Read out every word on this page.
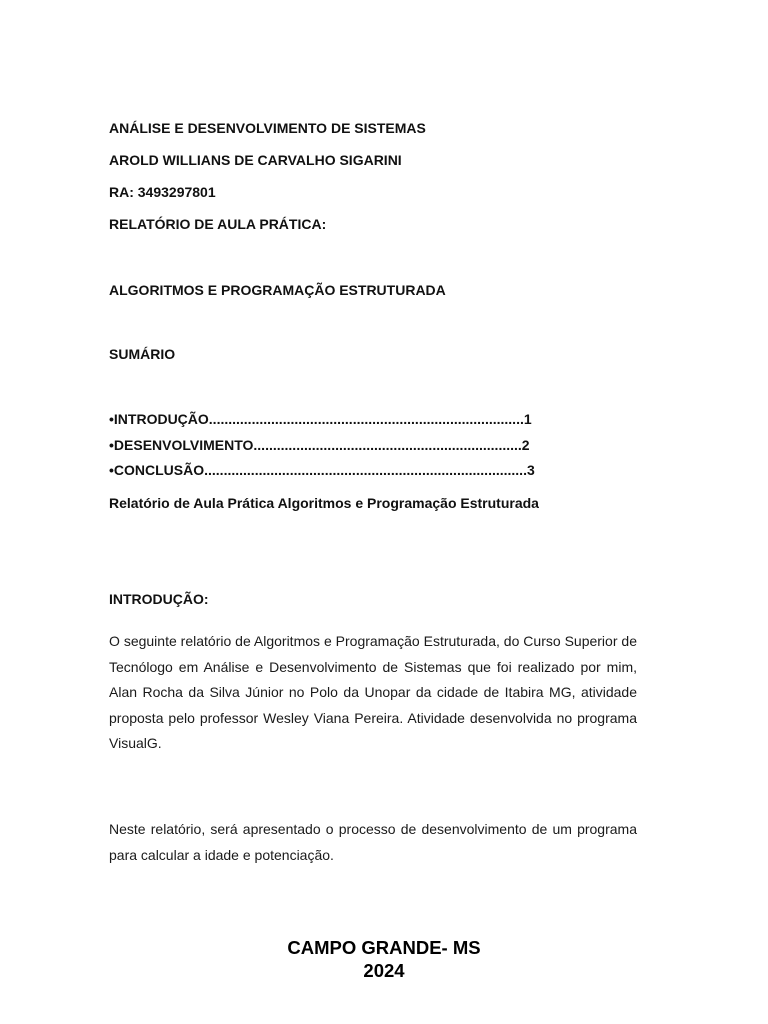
ANÁLISE E DESENVOLVIMENTO DE SISTEMAS

AROLD WILLIANS DE CARVALHO SIGARINI

RA: 3493297801

RELATÓRIO DE AULA PRÁTICA:

ALGORITMOS E PROGRAMAÇÃO ESTRUTURADA

SUMÁRIO

•INTRODUÇÃO.................................................................................1

•DESENVOLVIMENTO.....................................................................2

•CONCLUSÃO...................................................................................3

Relatório de Aula Prática Algoritmos e Programação Estruturada

INTRODUÇÃO:

O seguinte relatório de Algoritmos e Programação Estruturada, do Curso Superior de Tecnólogo em Análise e Desenvolvimento de Sistemas que foi realizado por mim, Alan Rocha da Silva Júnior no Polo da Unopar da cidade de Itabira MG, atividade proposta pelo professor Wesley Viana Pereira. Atividade desenvolvida no programa VisualG.

Neste relatório, será apresentado o processo de desenvolvimento de um programa para calcular a idade e potenciação.

CAMPO GRANDE- MS

2024
